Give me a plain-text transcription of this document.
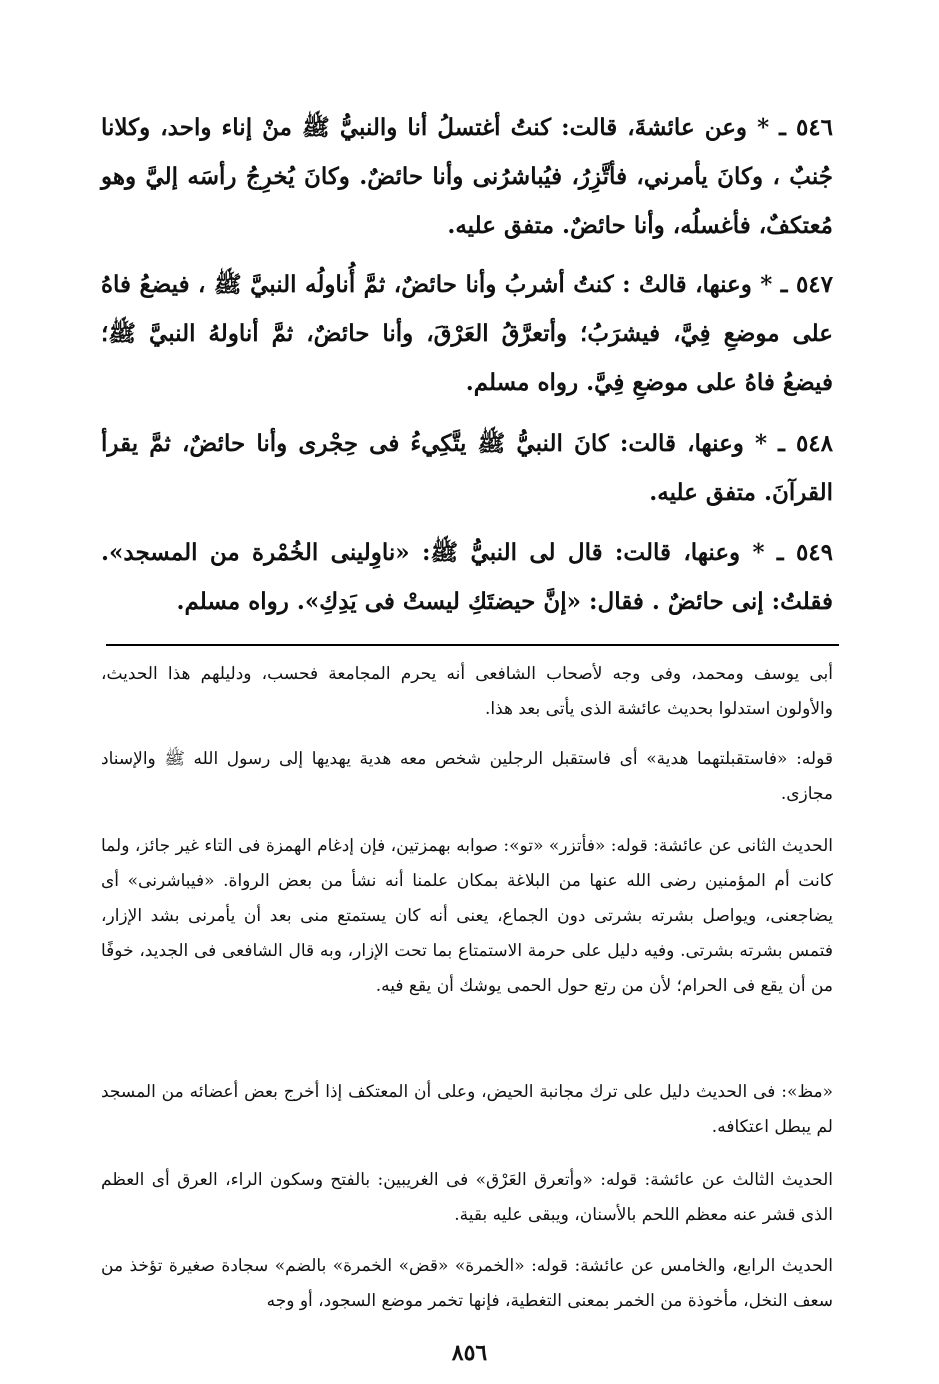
٥٤٦ ـ * وعن عائشةَ، قالت: كنتُ أغتسلُ أنا والنبيُّ ﷺ منْ إناء واحد، وكلانا جُنبٌ ، وكانَ يأمرني، فأتَّزِرُ، فيُباشرُنى وأنا حائضٌ. وكانَ يُخرِجُ رأسَه إليَّ وهو مُعتكفٌ، فأغسلُه، وأنا حائضٌ. متفق عليه.

٥٤٧ ـ * وعنها، قالتْ : كنتُ أشربُ وأنا حائضٌ، ثمَّ أُناولُه النبيَّ ﷺ ، فيضعُ فاهُ على موضعِ فِيَّ، فيشرَبُ؛ وأتعرَّقُ العَرْقَ، وأنا حائضٌ، ثمَّ أناولهُ النبيَّ ﷺ؛ فيضعُ فاهُ على موضعِ فِيَّ. رواه مسلم.

٥٤٨ ـ * وعنها، قالت: كانَ النبيُّ ﷺ يتَّكِيءُ فى حِجْرى وأنا حائضٌ، ثمَّ يقرأ القرآنَ. متفق عليه.

٥٤٩ ـ * وعنها، قالت: قال لى النبيُّ ﷺ: «ناوِلينى الخُمْرة من المسجد». فقلتُ: إنى حائضٌ . فقال: «إنَّ حيضتَكِ ليستْ فى يَدِكِ». رواه مسلم.

أبى يوسف ومحمد، وفى وجه لأصحاب الشافعى أنه يحرم المجامعة فحسب، ودليلهم هذا الحديث، والأولون استدلوا بحديث عائشة الذى يأتى بعد هذا.

قوله: «فاستقبلتهما هدية» أى فاستقبل الرجلين شخص معه هدية يهديها إلى رسول الله ﷺ والإسناد مجازى.

الحديث الثانى عن عائشة: قوله: «فأتزر» «تو»: صوابه بهمزتين، فإن إدغام الهمزة فى التاء غير جائز، ولما كانت أم المؤمنين رضى الله عنها من البلاغة بمكان علمنا أنه نشأ من بعض الرواة. «فيباشرنى» أى يضاجعنى، ويواصل بشرته بشرتى دون الجماع، يعنى أنه كان يستمتع منى بعد أن يأمرنى بشد الإزار، فتمس بشرته بشرتى. وفيه دليل على حرمة الاستمتاع بما تحت الإزار، وبه قال الشافعى فى الجديد، خوفًا من أن يقع فى الحرام؛ لأن من رتع حول الحمى يوشك أن يقع فيه.

«مظ»: فى الحديث دليل على ترك مجانبة الحيض، وعلى أن المعتكف إذا أخرج بعض أعضائه من المسجد لم يبطل اعتكافه.

الحديث الثالث عن عائشة: قوله: «وأتعرق العَرْق» فى الغريبين: بالفتح وسكون الراء، العرق أى العظم الذى قشر عنه معظم اللحم بالأسنان، ويبقى عليه بقية.

الحديث الرابع، والخامس عن عائشة: قوله: «الخمرة» «قض» الخمرة» بالضم» سجادة صغيرة تؤخذ من سعف النخل، مأخوذة من الخمر بمعنى التغطية، فإنها تخمر موضع السجود، أو وجه

٨٥٦
